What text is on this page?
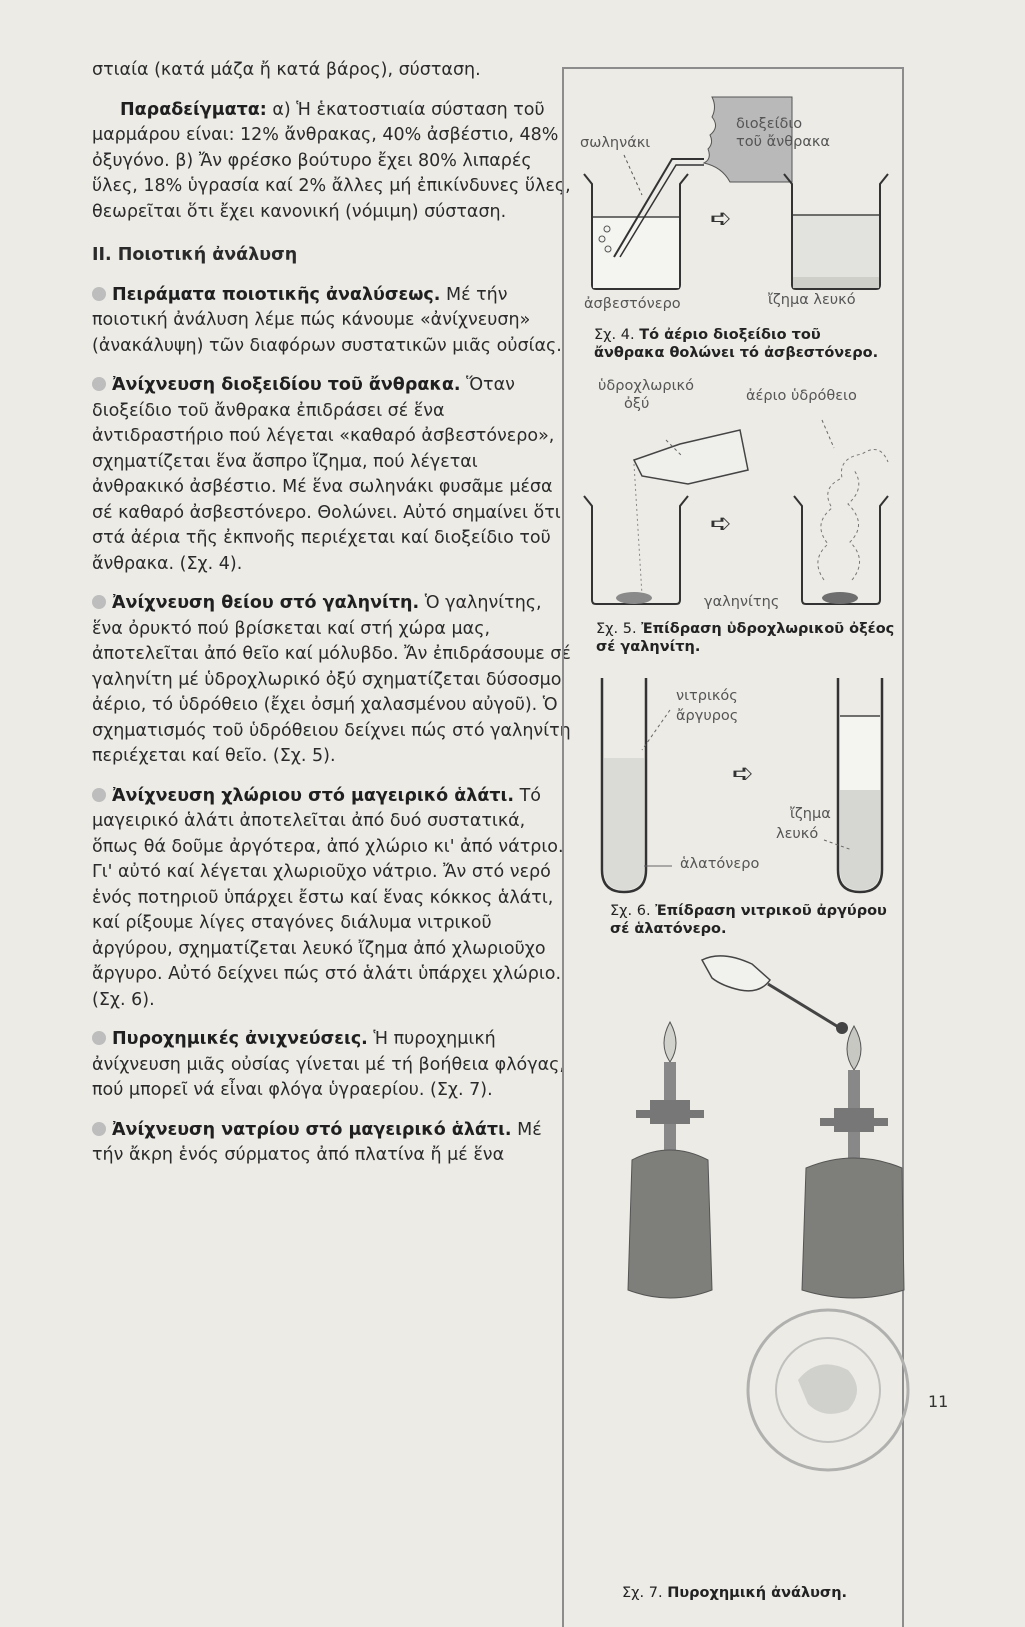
στιαία (κατά μάζα ἤ κατά βάρος), σύσταση.

Παραδείγματα: α) Ἡ ἑκατοστιαία σύσταση τοῦ μαρμάρου είναι: 12% ἄνθρακας, 40% ἀσβέστιο, 48% ὀξυγόνο. β) Ἄν φρέσκο βούτυρο ἔχει 80% λιπαρές ὕλες, 18% ὑγρασία καί 2% ἄλλες μή ἐπικίνδυνες ὕλες, θεωρεῖται ὅτι ἔχει κανονική (νόμιμη) σύσταση.

II. Ποιοτική ἀνάλυση

Πειράματα ποιοτικῆς ἀναλύσεως. Μέ τήν ποιοτική ἀνάλυση λέμε πώς κάνουμε «ἀνίχνευση» (ἀνακάλυψη) τῶν διαφόρων συστατικῶν μιᾶς οὐσίας.

Ἀνίχνευση διοξειδίου τοῦ ἄνθρακα. Ὅταν διοξείδιο τοῦ ἄνθρακα ἐπιδράσει σέ ἕνα ἀντιδραστήριο πού λέγεται «καθαρό ἀσβεστόνερο», σχηματίζεται ἕνα ἄσπρο ἴζημα, πού λέγεται ἀνθρακικό ἀσβέστιο. Μέ ἕνα σωληνάκι φυσᾶμε μέσα σέ καθαρό ἀσβεστόνερο. Θολώνει. Αὐτό σημαίνει ὅτι στά ἀέρια τῆς ἐκπνοῆς περιέχεται καί διοξείδιο τοῦ ἄνθρακα. (Σχ. 4).

Ἀνίχνευση θείου στό γαληνίτη. Ὁ γαληνίτης, ἕνα ὀρυκτό πού βρίσκεται καί στή χώρα μας, ἀποτελεῖται ἀπό θεῖο καί μόλυβδο. Ἄν ἐπιδράσουμε σέ γαληνίτη μέ ὑδροχλωρικό ὀξύ σχηματίζεται δύσοσμο ἀέριο, τό ὑδρόθειο (ἔχει ὀσμή χαλασμένου αὐγοῦ). Ὁ σχηματισμός τοῦ ὑδρόθειου δείχνει πώς στό γαληνίτη περιέχεται καί θεῖο. (Σχ. 5).

Ἀνίχνευση χλώριου στό μαγειρικό ἁλάτι. Τό μαγειρικό ἁλάτι ἀποτελεῖται ἀπό δυό συστατικά, ὅπως θά δοῦμε ἀργότερα, ἀπό χλώριο κι' ἀπό νάτριο. Γι' αὐτό καί λέγεται χλωριοῦχο νάτριο. Ἄν στό νερό ἑνός ποτηριοῦ ὑπάρχει ἔστω καί ἕνας κόκκος ἁλάτι, καί ρίξουμε λίγες σταγόνες διάλυμα νιτρικοῦ ἀργύρου, σχηματίζεται λευκό ἴζημα ἀπό χλωριοῦχο ἄργυρο. Αὐτό δείχνει πώς στό ἁλάτι ὑπάρχει χλώριο. (Σχ. 6).

Πυροχημικές ἀνιχνεύσεις. Ἡ πυροχημική ἀνίχνευση μιᾶς οὐσίας γίνεται μέ τή βοήθεια φλόγας, πού μπορεῖ νά εἶναι φλόγα ὑγραερίου. (Σχ. 7).

Ἀνίχνευση νατρίου στό μαγειρικό ἁλάτι. Μέ τήν ἄκρη ἑνός σύρματος ἀπό πλατίνα ἤ μέ ἕνα

➪
σωληνάκι
διοξείδιο
τοῦ ἄνθρακα
ἀσβεστόνερο	ἴζημα λευκό
Σχ. 4. Τό ἀέριο διοξείδιο τοῦ ἄνθρακα θολώνει τό ἀσβεστόνερο.
➪
ὑδροχλωρικό
ὀξύ	ἀέριο ὑδρόθειο
γαληνίτης
Σχ. 5. Ἐπίδραση ὑδροχλωρικοῦ ὀξέος σέ γαληνίτη.
➪
νιτρικός
ἄργυρος
ἴζημα
λευκό
ἁλατόνερο
Σχ. 6. Ἐπίδραση νιτρικοῦ ἀργύρου σέ ἁλατόνερο.
Σχ. 7. Πυροχημική ἀνάλυση.
11
